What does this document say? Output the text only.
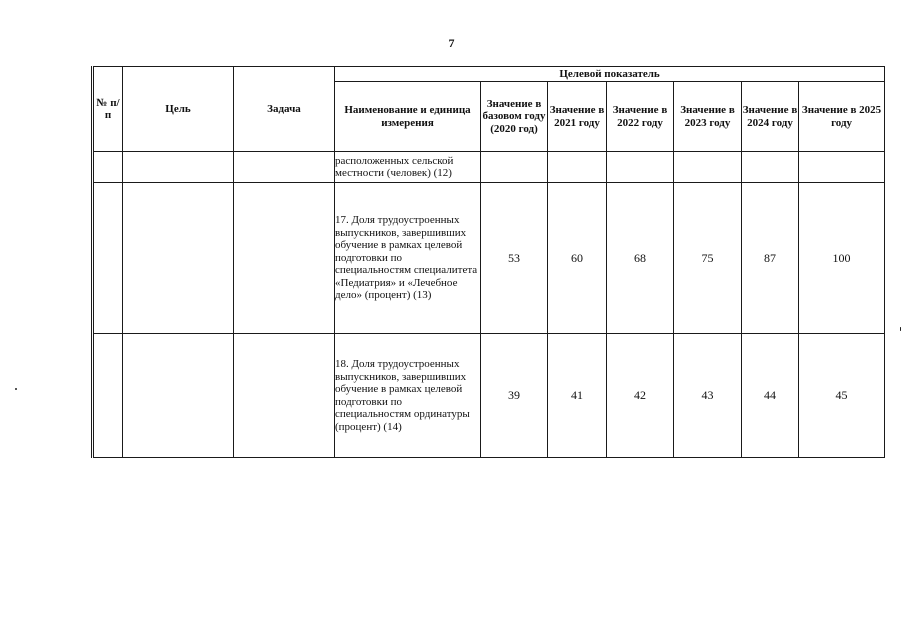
7
№ п/п	Цель	Задача	Целевой показатель						
			Наименование и единица измерения	Значение в базовом году (2020 год)	Значение в 2021 году	Значение в 2022 году	Значение в 2023 году	Значение в 2024 году	Значение в 2025 году
			расположенных сельской местности (человек) (12)						
			17. Доля трудоустроенных выпускников, завершивших обучение в рамках целевой подготовки по специальностям специалитета «Педиатрия» и «Лечебное дело» (процент) (13)	53	60	68	75	87	100
			18. Доля трудоустроенных выпускников, завершивших обучение в рамках целевой подготовки по специальностям ординатуры (процент) (14)	39	41	42	43	44	45
